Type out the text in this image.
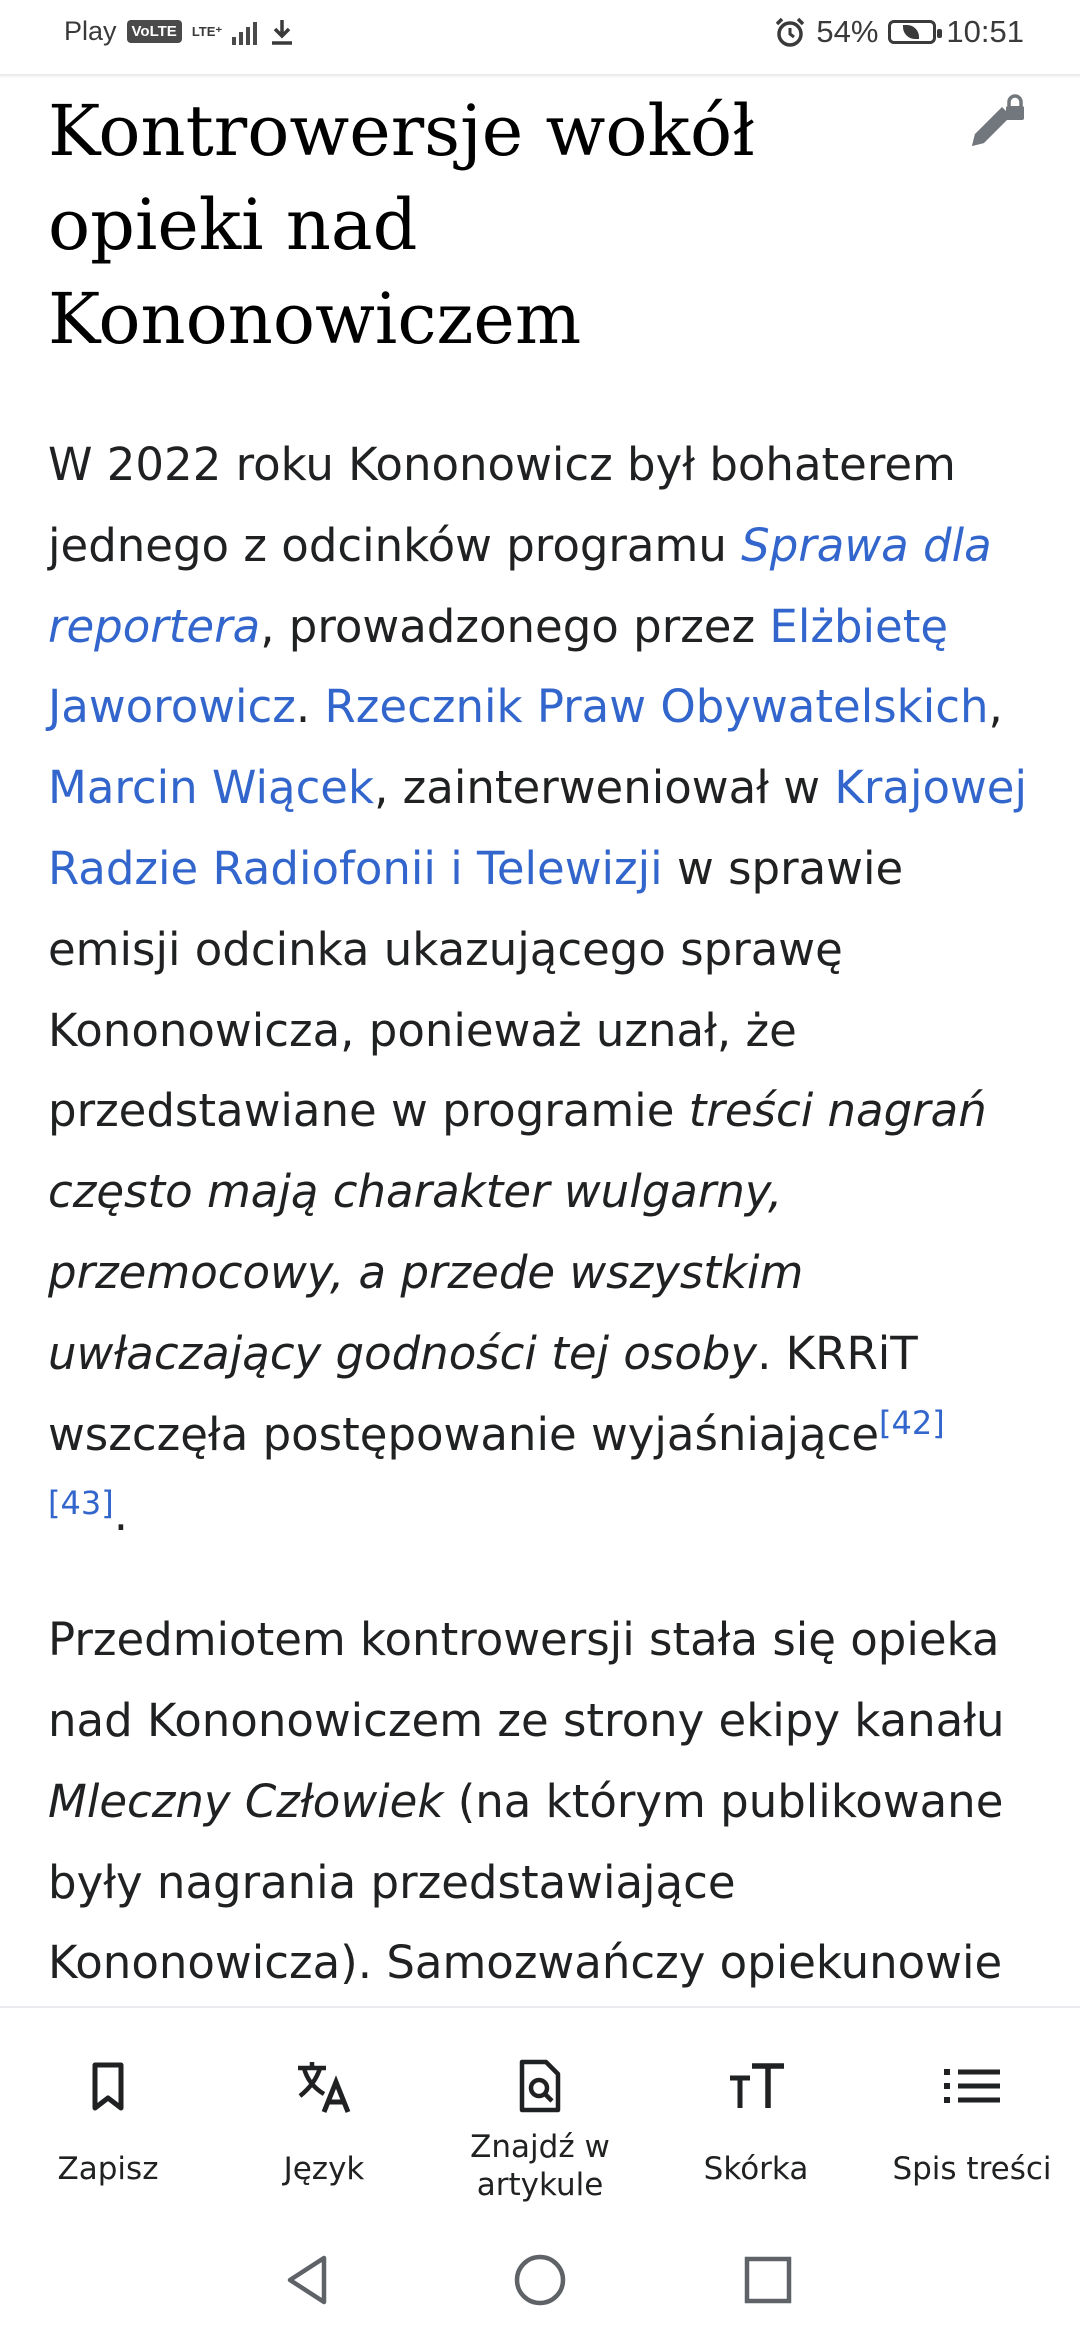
Play	VoLTE	LTE⁺	54% 10:51
Kontrowersje wokół opieki nad Kononowiczem

W 2022 roku Kononowicz był bohaterem jednego z odcinków programu Sprawa dla reportera, prowadzonego przez Elżbietę Jaworowicz. Rzecznik Praw Obywatelskich, Marcin Wiącek, zainterweniował w Krajowej Radzie Radiofonii i Telewizji w sprawie emisji odcinka ukazującego sprawę Kononowicza, ponieważ uznał, że przedstawiane w programie treści nagrań często mają charakter wulgarny, przemocowy, a przede wszystkim uwłaczający godności tej osoby. KRRiT wszczęła postępowanie wyjaśniające[42] [43].

Przedmiotem kontrowersji stała się opieka nad Kononowiczem ze strony ekipy kanału Mleczny Człowiek (na którym publikowane były nagrania przedstawiające Kononowicza). Samozwańczy opiekunowie

Zapisz	Język
Znajdź w artykule	Skórka	Spis treści
